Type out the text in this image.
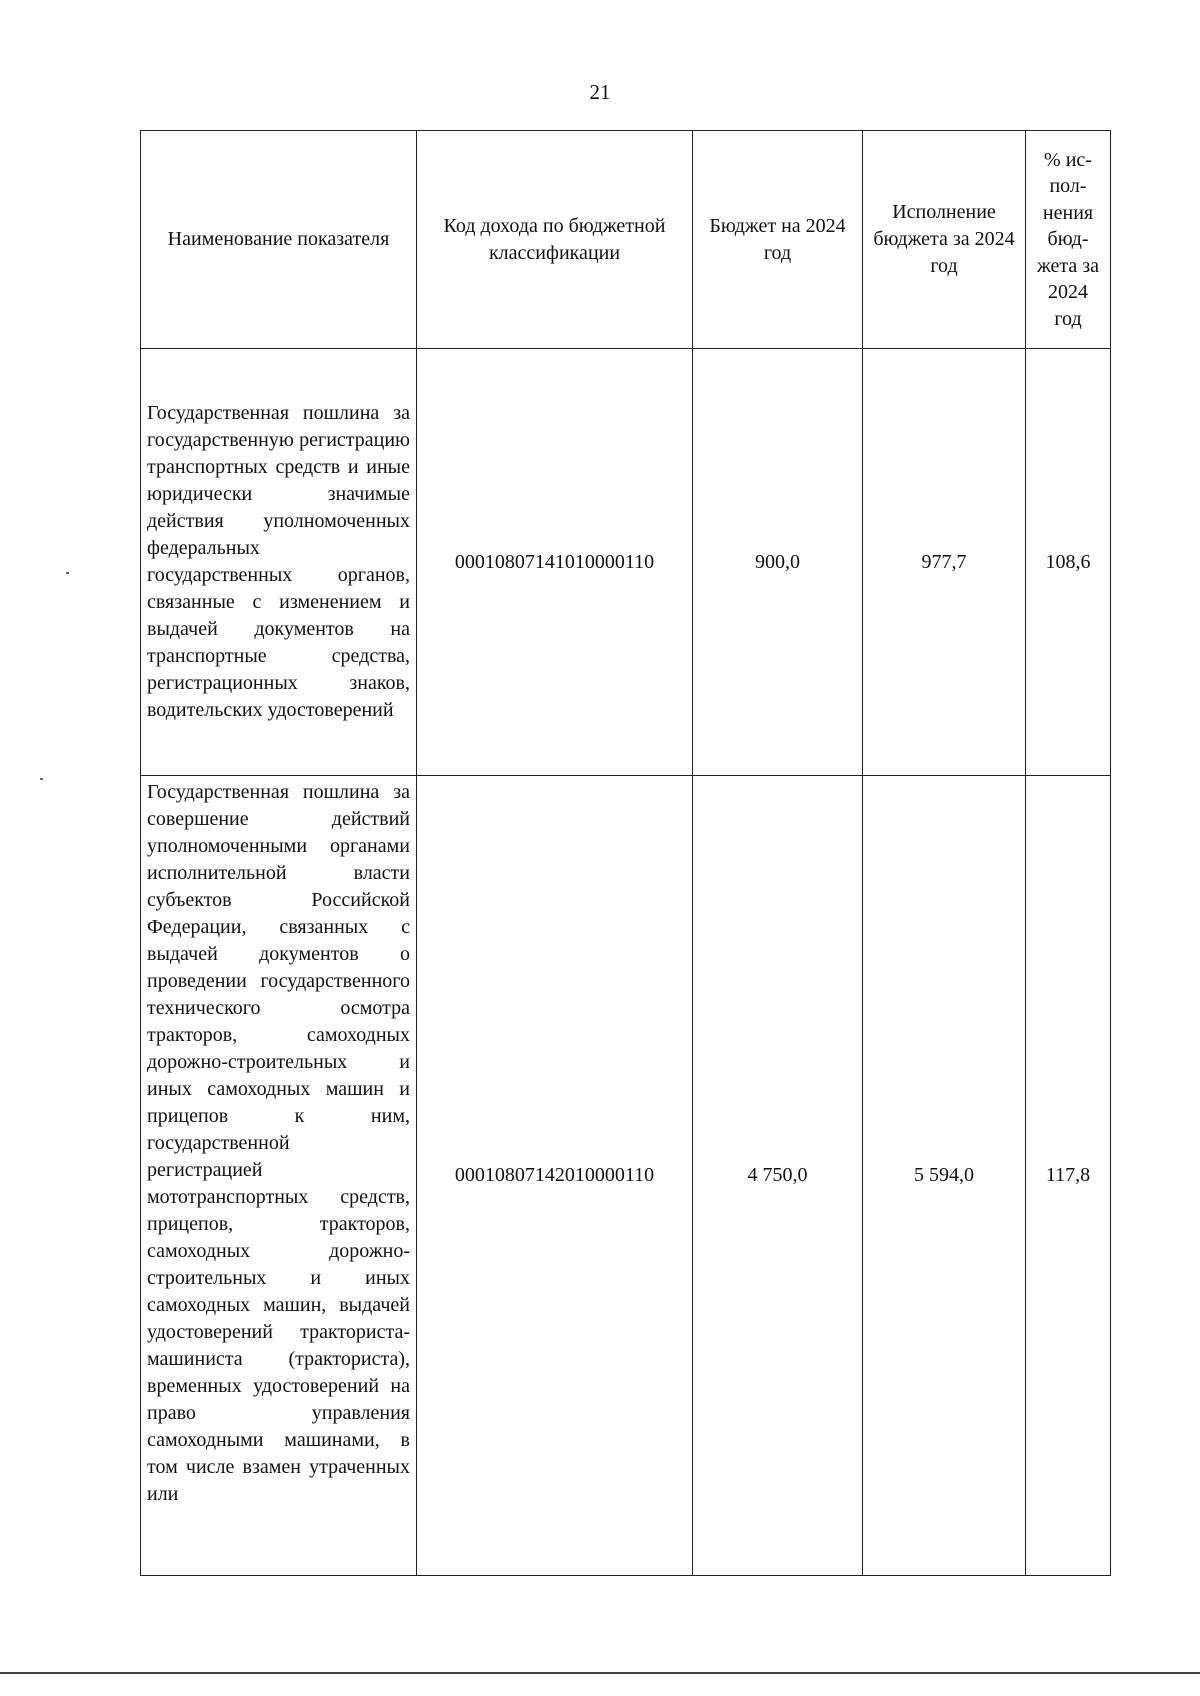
21
Наименование показателя	Код дохода по бюджетной классификации	Бюджет на 2024 год	Исполнение бюджета за 2024 год	% ис-пол-нения бюд-жета за 2024 год
Государственная пошлина за государственную регистрацию транспортных средств и иные юридически значимые действия уполномоченных федеральных государственных органов, связанные с изменением и выдачей документов на транспортные средства, регистрационных знаков, водительских удостоверений	00010807141010000110	900,0	977,7	108,6

Государственная пошлина за совершение действий уполномоченными органами исполнительной власти субъектов Российской Федерации, связанных с выдачей документов о проведении государственного технического осмотра тракторов, самоходных дорожно-строительных и иных самоходных машин и прицепов к ним, государственной регистрацией мототранспортных средств, прицепов, тракторов, самоходных дорожно-строительных и иных самоходных машин, выдачей удостоверений тракториста-машиниста (тракториста), временных удостоверений на право управления самоходными машинами, в том числе взамен утраченных или	00010807142010000110	4 750,0	5 594,0	117,8
